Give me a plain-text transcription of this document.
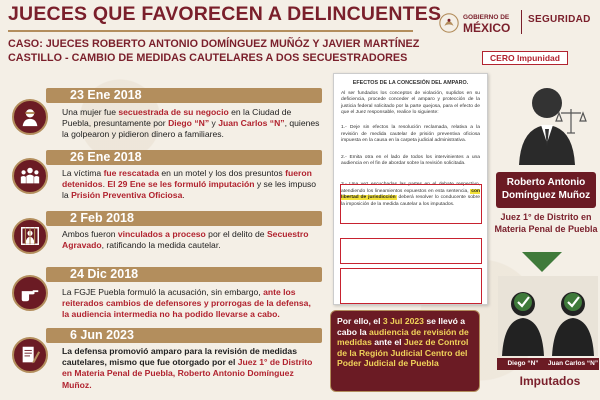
JUECES QUE FAVORECEN A DELINCUENTES
CASO: JUECES ROBERTO ANTONIO DOMÍNGUEZ MUÑÓZ Y JAVIER MARTÍNEZ CASTILLO - CAMBIO DE MEDIDAS CAUTELARES A DOS SECUESTRADORES
GOBIERNO DE
MÉXICO
SEGURIDAD
CERO Impunidad
23 Ene 2018
Una mujer fue secuestrada de su negocio en la Ciudad de Puebla, presuntamente por Diego “N” y Juan Carlos “N”, quienes la golpearon y pidieron dinero a familiares.
26 Ene 2018
La víctima fue rescatada en un motel y los dos presuntos fueron detenidos. El 29 Ene se les formuló imputación y se les impuso la Prisión Preventiva Oficiosa.
2 Feb 2018
Ambos fueron vinculados a proceso por el delito de Secuestro Agravado, ratificando la medida cautelar.
24 Dic 2018
La FGJE Puebla formuló la acusación, sin embargo, ante los reiterados cambios de defensores y prorrogas de la defensa, la audiencia intermedia no ha podido llevarse a cabo.
6 Jun 2023
La defensa promovió amparo para la revisión de medidas cautelares, mismo que fue otorgado por el Juez 1° de Distrito en Materia Penal de Puebla, Roberto Antonio Domínguez Muñoz.
EFECTOS DE LA CONCESIÓN DEL AMPARO.
Al ser fundados los conceptos de violación, suplidos en su deficiencia, procede conceder el amparo y protección de la justicia federal solicitado por la parte quejosa, para el efecto de que el Juez responsable, realice lo siguiente:
1.- Deje sin efectos la resolución reclamada, relativa a la revisión de medida cautelar de prisión preventiva oficiosa impuesta en la causa en la carpeta judicial administrativa.
2.- Emita otra en el lado de todos los intervinientes a una audiencia en el fin de abordar sobre la revisión solicitada.
3.- Una vez escuchadas las partes en el debate respectivo, atendiendo los lineamientos expuestos en esta sentencia, con libertad de jurisdicción deberá resolver lo conducente sobre la imposición de la medida cautelar a los imputados.
Por ello, el 3 Jul 2023 se llevó a cabo la audiencia de revisión de medidas ante el Juez de Control de la Región Judicial Centro del Poder Judicial de Puebla
Roberto Antonio Domínguez Muñoz
Juez 1° de Distrito en Materia Penal de Puebla
Diego “N”	Juan Carlos “N”
Imputados
